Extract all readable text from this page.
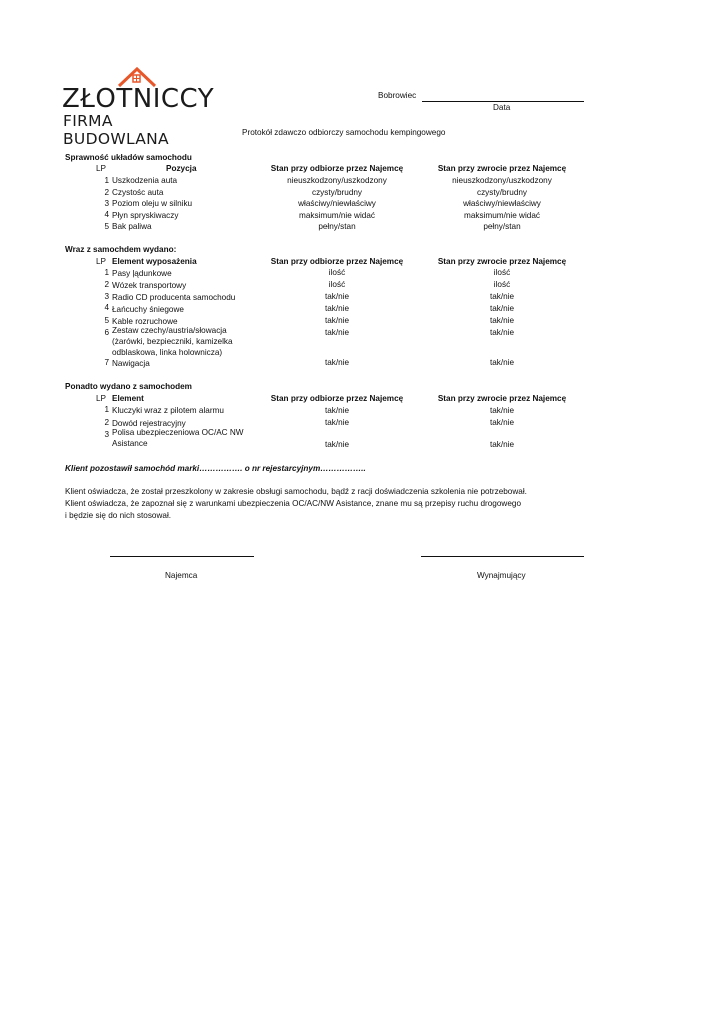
ZŁOTNICCY
FIRMA BUDOWLANA
Bobrowiec
Data
Protokół zdawczo odbiorczy samochodu kempingowego
Sprawność układów samochodu
LP	Pozycja	Stan przy odbiorze przez Najemcę	Stan przy zwrocie przez Najemcę
1 Uszkodzenia auta	nieuszkodzony/uszkodzony	nieuszkodzony/uszkodzony
2 Czystośc auta	czysty/brudny	czysty/brudny
3 Poziom oleju w silniku	właściwy/niewłaściwy	właściwy/niewłaściwy
4 Płyn spryskiwaczy	maksimum/nie widać	maksimum/nie widać
5 Bak paliwa	pełny/stan	pełny/stan
Wraz z samochdem wydano:
LP Element wyposażenia	Stan przy odbiorze przez Najemcę	Stan przy zwrocie przez Najemcę
1 Pasy ļądunkowe	ilość	ilość
2 Wózek transportowy	ilość	ilość
3 Radio CD producenta samochodu	tak/nie	tak/nie
4 Łańcuchy śniegowe	tak/nie	tak/nie
5 Kable rozruchowe	tak/nie	tak/nie
6 Zestaw czechy/austria/słowacja
(żarówki, bezpieczniki, kamizelka
odblaskowa, linka holownicza)
tak/nie	tak/nie
7 Nawigacja	tak/nie	tak/nie
Ponadto wydano z samochodem
LP Element	Stan przy odbiorze przez Najemcę	Stan przy zwrocie przez Najemcę
1 Kluczyki wraz z pilotem alarmu	tak/nie	tak/nie
2 Dowód rejestracyjny	tak/nie	tak/nie
3 Polisa ubezpieczeniowa OC/AC NW
Asistance	tak/nie	tak/nie
Klient pozostawił samochód marki……………. o nr rejestarcyjnym……………..
Klient oświadcza, że został przeszkolony w zakresie obsługi samochodu, bądź z racji doświadczenia szkolenia nie potrzebował.
Klient oświadcza, że zapoznał się z warunkami ubezpieczenia OC/AC/NW Asistance, znane mu są przepisy ruchu drogowego
i będzie się do nich stosował.
Najemca	Wynajmujący
